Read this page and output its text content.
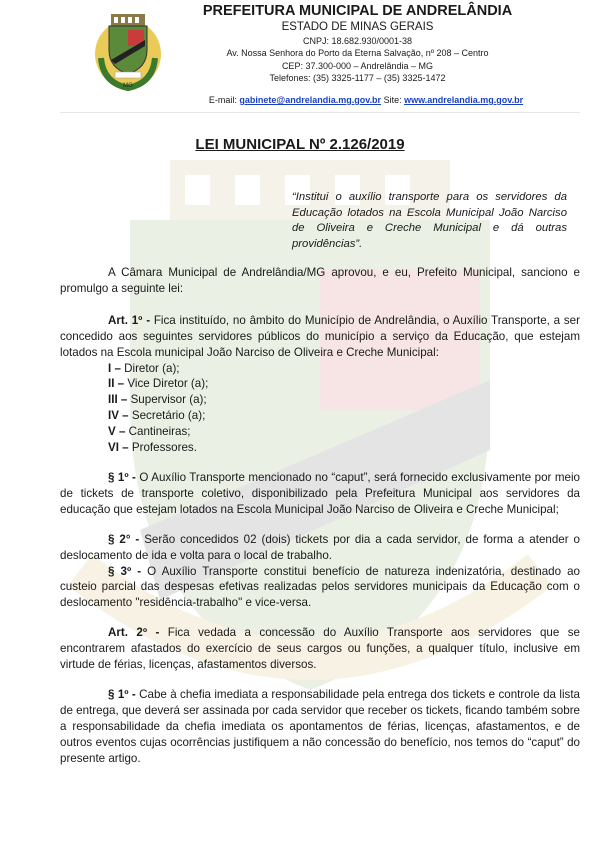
MG
PREFEITURA MUNICIPAL DE ANDRELÂNDIA
ESTADO DE MINAS GERAIS
CNPJ: 18.682.930/0001-38
Av. Nossa Senhora do Porto da Eterna Salvação, nº 208 – Centro
CEP: 37.300-000 – Andrelândia – MG
Telefones: (35) 3325-1177 – (35) 3325-1472
E-mail: gabinete@andrelandia.mg.gov.br Site: www.andrelandia.mg.gov.br
LEI MUNICIPAL Nº 2.126/2019
“Institui o auxílio transporte para os servidores da Educação lotados na Escola Municipal João Narciso de Oliveira e Creche Municipal e dá outras providências”.

A Câmara Municipal de Andrelândia/MG aprovou, e eu, Prefeito Municipal, sanciono e promulgo a seguinte lei:

Art. 1º - Fica instituído, no âmbito do Município de Andrelândia, o Auxílio Transporte, a ser concedido aos seguintes servidores públicos do município a serviço da Educação, que estejam lotados na Escola municipal João Narciso de Oliveira e Creche Municipal:

I – Diretor (a);
II – Vice Diretor (a);
III – Supervisor (a);
IV – Secretário (a);
V – Cantineiras;
VI – Professores.

§ 1º - O Auxílio Transporte mencionado no “caput”, será fornecido exclusivamente por meio de tickets de transporte coletivo, disponibilizado pela Prefeitura Municipal aos servidores da educação que estejam lotados na Escola Municipal João Narciso de Oliveira e Creche Municipal;

§ 2° - Serão concedidos 02 (dois) tickets por dia a cada servidor, de forma a atender o deslocamento de ida e volta para o local de trabalho.

§ 3º - O Auxílio Transporte constitui benefício de natureza indenizatória, destinado ao custeio parcial das despesas efetivas realizadas pelos servidores municipais da Educação com o deslocamento "residência-trabalho" e vice-versa.

Art. 2º - Fica vedada a concessão do Auxílio Transporte aos servidores que se encontrarem afastados do exercício de seus cargos ou funções, a qualquer título, inclusive em virtude de férias, licenças, afastamentos diversos.

§ 1º - Cabe à chefia imediata a responsabilidade pela entrega dos tickets e controle da lista de entrega, que deverá ser assinada por cada servidor que receber os tickets, ficando também sobre a responsabilidade da chefia imediata os apontamentos de férias, licenças, afastamentos, e de outros eventos cujas ocorrências justifiquem a não concessão do benefício, nos temos do “caput” do presente artigo.
